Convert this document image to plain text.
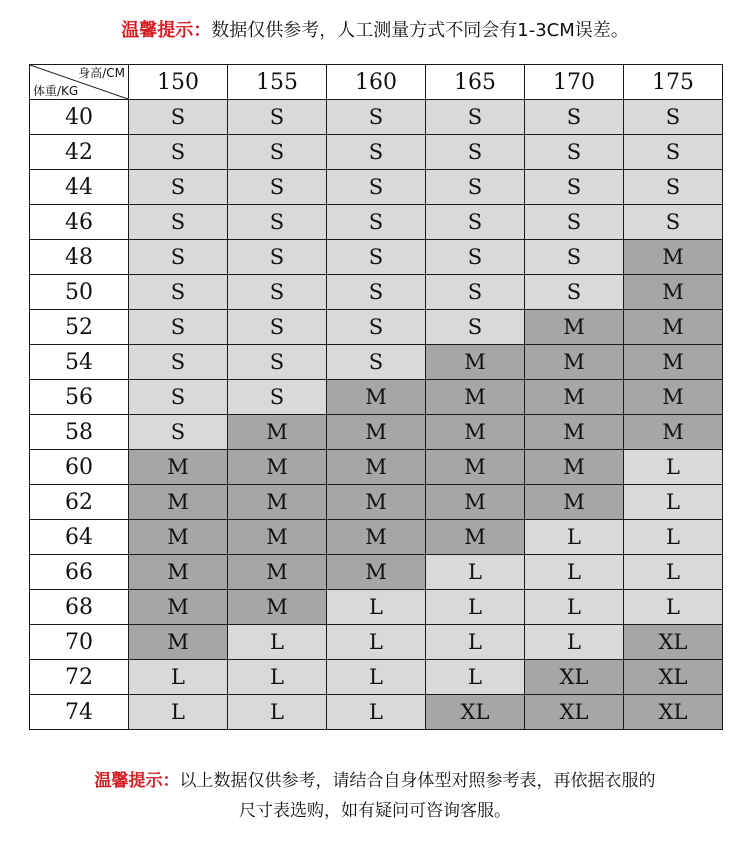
温馨提示：数据仅供参考，人工测量方式不同会有1-3CM误差。
身高/CM
体重/KG	150	155	160	165	170	175
40	S	S	S	S	S	S
42	S	S	S	S	S	S
44	S	S	S	S	S	S
46	S	S	S	S	S	S
48	S	S	S	S	S	M
50	S	S	S	S	S	M
52	S	S	S	S	M	M
54	S	S	S	M	M	M
56	S	S	M	M	M	M
58	S	M	M	M	M	M
60	M	M	M	M	M	L
62	M	M	M	M	M	L
64	M	M	M	M	L	L
66	M	M	M	L	L	L
68	M	M	L	L	L	L
70	M	L	L	L	L	XL
72	L	L	L	L	XL	XL
74	L	L	L	XL	XL	XL
温馨提示：以上数据仅供参考，请结合自身体型对照参考表，再依据衣服的
尺寸表选购，如有疑问可咨询客服。
